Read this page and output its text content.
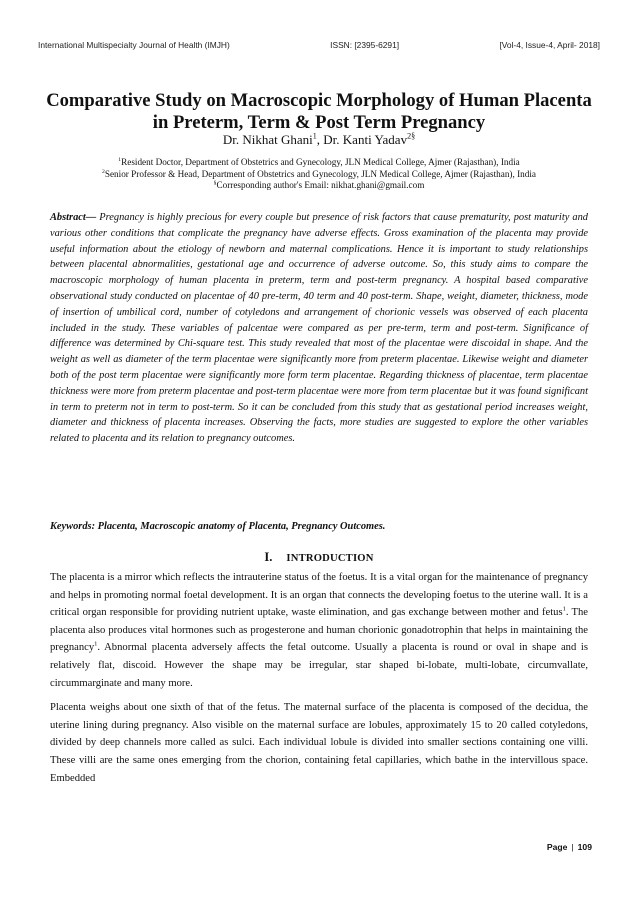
International Multispecialty Journal of Health (IMJH)	ISSN: [2395-6291]	[Vol-4, Issue-4, April- 2018]
Comparative Study on Macroscopic Morphology of Human Placenta in Preterm, Term & Post Term Pregnancy
Dr. Nikhat Ghani$^1$, Dr. Kanti Yadav$^{2\S}$
$^1$Resident Doctor, Department of Obstetrics and Gynecology, JLN Medical College, Ajmer (Rajasthan), India
$^2$Senior Professor & Head, Department of Obstetrics and Gynecology, JLN Medical College, Ajmer (Rajasthan), India
§Corresponding author's Email: nikhat.ghani@gmail.com
Abstract— Pregnancy is highly precious for every couple but presence of risk factors that cause prematurity, post maturity and various other conditions that complicate the pregnancy have adverse effects. Gross examination of the placenta may provide useful information about the etiology of newborn and maternal complications. Hence it is important to study relationships between placental abnormalities, gestational age and occurrence of adverse outcome. So, this study aims to compare the macroscopic morphology of human placenta in preterm, term and post-term pregnancy. A hospital based comparative observational study conducted on placentae of 40 pre-term, 40 term and 40 post-term. Shape, weight, diameter, thickness, mode of insertion of umbilical cord, number of cotyledons and arrangement of chorionic vessels was observed of each placenta included in the study. These variables of palcentae were compared as per pre-term, term and post-term. Significance of difference was determined by Chi-square test. This study revealed that most of the placentae were discoidal in shape. And the weight as well as diameter of the term placentae were significantly more from preterm placentae. Likewise weight and diameter both of the post term placentae were significantly more form term placentae. Regarding thickness of placentae, term placentae thickness were more from preterm placentae and post-term placentae were more from term placentae but it was found significant in term to preterm not in term to post-term. So it can be concluded from this study that as gestational period increases weight, diameter and thickness of placenta increases. Observing the facts, more studies are suggested to explore the other variables related to placenta and its relation to pregnancy outcomes.
Keywords: Placenta, Macroscopic anatomy of Placenta, Pregnancy Outcomes.
I. INTRODUCTION

The placenta is a mirror which reflects the intrauterine status of the foetus. It is a vital organ for the maintenance of pregnancy and helps in promoting normal foetal development. It is an organ that connects the developing foetus to the uterine wall. It is a critical organ responsible for providing nutrient uptake, waste elimination, and gas exchange between mother and fetus$^1$. The placenta also produces vital hormones such as progesterone and human chorionic gonadotrophin that helps in maintaining the pregnancy$^1$. Abnormal placenta adversely affects the fetal outcome. Usually a placenta is round or oval in shape and is relatively flat, discoid. However the shape may be irregular, star shaped bi-lobate, multi-lobate, circumvallate, circummarginate and many more.

Placenta weighs about one sixth of that of the fetus. The maternal surface of the placenta is composed of the decidua, the uterine lining during pregnancy. Also visible on the maternal surface are lobules, approximately 15 to 20 called cotyledons, divided by deep channels more called as sulci. Each individual lobule is divided into smaller sections containing one villi. These villi are the same ones emerging from the chorion, containing fetal capillaries, which bathe in the intervillous space. Embedded

Page | 109
